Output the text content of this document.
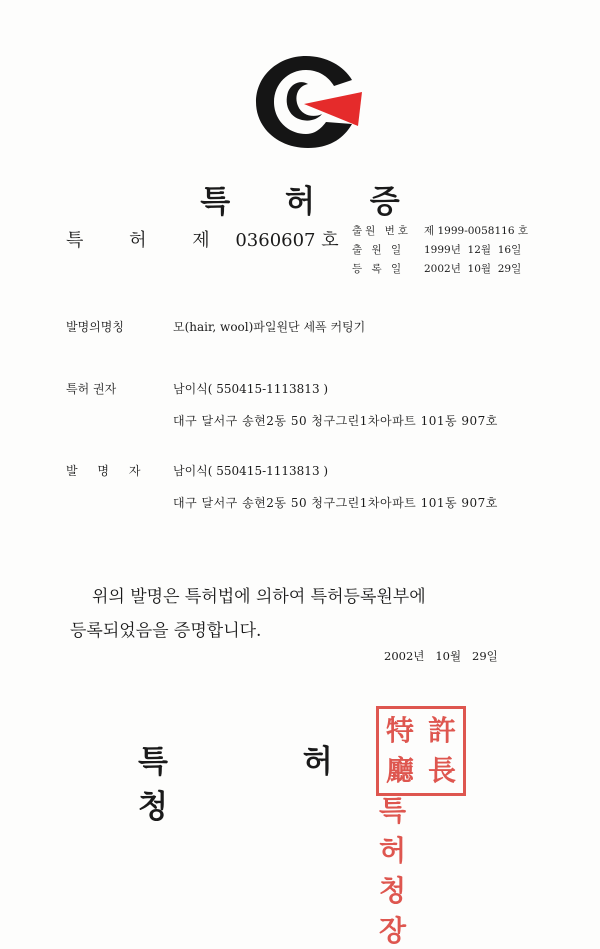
특 허 증
특 허 제 0360607 호 출원 번호	제 1999-0058116 호
출 원 일	1999년  12월  16일
등 록 일	2002년  10월  29일
발명의명칭	모(hair, wool)파일원단 세폭 커팅기
특허 권자	남이식( 550415-1113813 )
대구 달서구 송현2동 50 청구그린1차아파트 101동 907호
발 명 자 남이식( 550415-1113813 )
대구 달서구 송현2동 50 청구그린1차아파트 101동 907호
위의 발명은 특허법에 의하여 특허등록원부에
등록되었음을 증명합니다.
2002년   10월   29일
특 허 청
特 許
廳 長
특허청장
